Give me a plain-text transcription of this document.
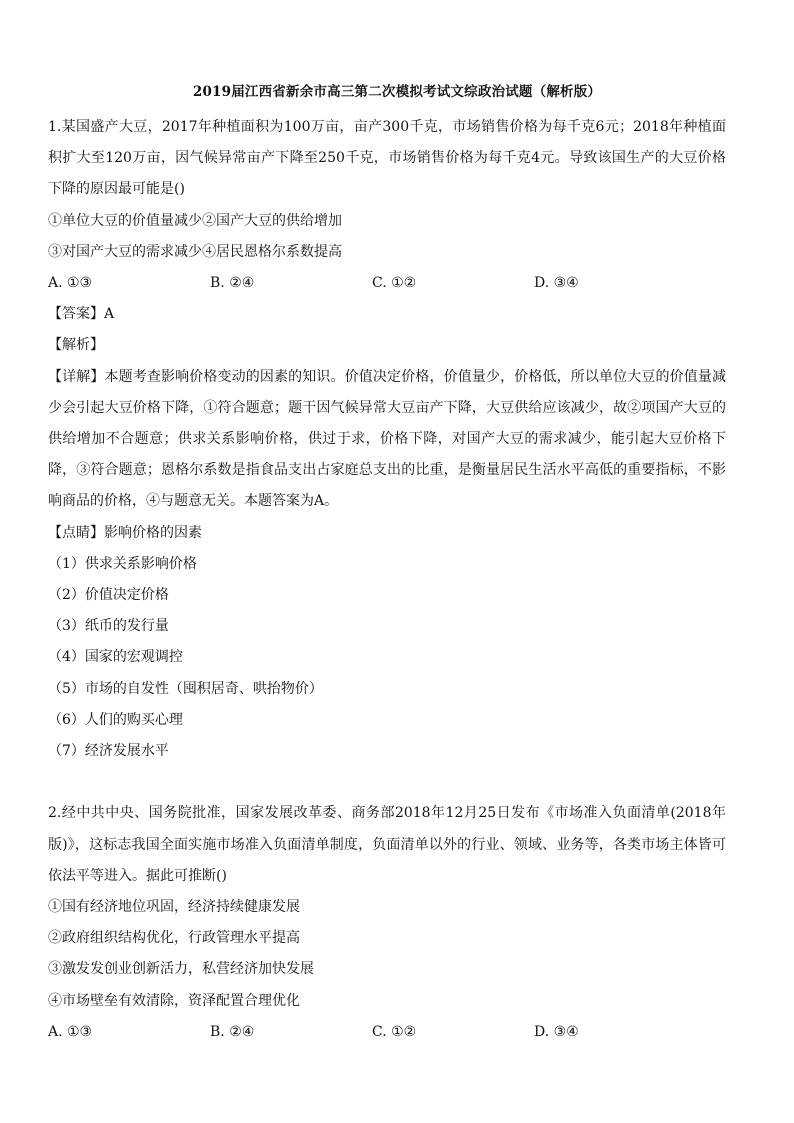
2019届江西省新余市高三第二次模拟考试文综政治试题（解析版）

1.某国盛产大豆，2017年种植面积为100万亩，亩产300千克，市场销售价格为每千克6元；2018年种植面积扩大至120万亩，因气候异常亩产下降至250千克，市场销售价格为每千克4元。导致该国生产的大豆价格下降的原因最可能是()

①单位大豆的价值量减少②国产大豆的供给增加

③对国产大豆的需求减少④居民恩格尔系数提高

A. ①③	B. ②④	C. ①②	D. ③④

【答案】A

【解析】

【详解】本题考查影响价格变动的因素的知识。价值决定价格，价值量少，价格低，所以单位大豆的价值量减少会引起大豆价格下降，①符合题意；题干因气候异常大豆亩产下降，大豆供给应该减少，故②项国产大豆的供给增加不合题意；供求关系影响价格，供过于求，价格下降，对国产大豆的需求减少，能引起大豆价格下降，③符合题意；恩格尔系数是指食品支出占家庭总支出的比重，是衡量居民生活水平高低的重要指标，不影响商品的价格，④与题意无关。本题答案为A。

【点睛】影响价格的因素

（1）供求关系影响价格

（2）价值决定价格

（3）纸币的发行量

（4）国家的宏观调控

（5）市场的自发性（囤积居奇、哄抬物价）

（6）人们的购买心理

（7）经济发展水平

2.经中共中央、国务院批准，国家发展改革委、商务部2018年12月25日发布《市场准入负面清单(2018年版)》，这标志我国全面实施市场准入负面清单制度，负面清单以外的行业、领域、业务等，各类市场主体皆可依法平等进入。据此可推断()

①国有经济地位巩固，经济持续健康发展

②政府组织结构优化，行政管理水平提高

③激发发创业创新活力，私营经济加快发展

④市场壁垒有效清除，资泽配置合理优化

A. ①③	B. ②④	C. ①②	D. ③④
